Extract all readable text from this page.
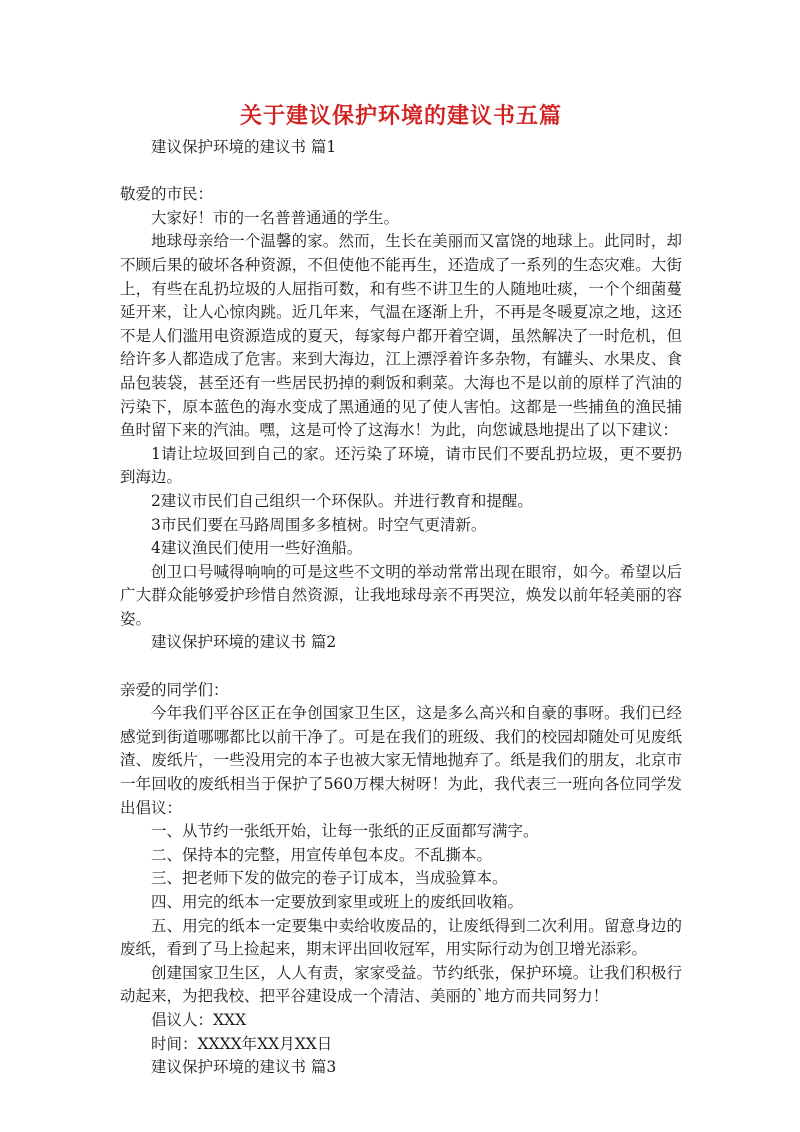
关于建议保护环境的建议书五篇

建议保护环境的建议书 篇1

敬爱的市民：

大家好！市的一名普普通通的学生。

地球母亲给一个温馨的家。然而，生长在美丽而又富饶的地球上。此同时，却不顾后果的破坏各种资源，不但使他不能再生，还造成了一系列的生态灾难。大街上，有些在乱扔垃圾的人屈指可数，和有些不讲卫生的人随地吐痰，一个个细菌蔓延开来，让人心惊肉跳。近几年来，气温在逐渐上升，不再是冬暖夏凉之地，这还不是人们滥用电资源造成的夏天，每家每户都开着空调，虽然解决了一时危机，但给许多人都造成了危害。来到大海边，江上漂浮着许多杂物，有罐头、水果皮、食品包装袋，甚至还有一些居民扔掉的剩饭和剩菜。大海也不是以前的原样了汽油的污染下，原本蓝色的海水变成了黑通通的见了使人害怕。这都是一些捕鱼的渔民捕鱼时留下来的汽油。嘿，这是可怜了这海水！为此，向您诚恳地提出了以下建议：

1请让垃圾回到自己的家。还污染了环境，请市民们不要乱扔垃圾，更不要扔到海边。

2建议市民们自己组织一个环保队。并进行教育和提醒。

3市民们要在马路周围多多植树。时空气更清新。

4建议渔民们使用一些好渔船。

创卫口号喊得响响的可是这些不文明的举动常常出现在眼帘，如今。希望以后广大群众能够爱护珍惜自然资源，让我地球母亲不再哭泣，焕发以前年轻美丽的容姿。

建议保护环境的建议书 篇2

亲爱的同学们：

今年我们平谷区正在争创国家卫生区，这是多么高兴和自豪的事呀。我们已经感觉到街道哪哪都比以前干净了。可是在我们的班级、我们的校园却随处可见废纸渣、废纸片，一些没用完的本子也被大家无情地抛弃了。纸是我们的朋友，北京市一年回收的废纸相当于保护了560万棵大树呀！为此，我代表三一班向各位同学发出倡议：

一、从节约一张纸开始，让每一张纸的正反面都写满字。

二、保持本的完整，用宣传单包本皮。不乱撕本。

三、把老师下发的做完的卷子订成本，当成验算本。

四、用完的纸本一定要放到家里或班上的废纸回收箱。

五、用完的纸本一定要集中卖给收废品的，让废纸得到二次利用。留意身边的废纸，看到了马上捡起来，期末评出回收冠军，用实际行动为创卫增光添彩。

创建国家卫生区，人人有责，家家受益。节约纸张，保护环境。让我们积极行动起来，为把我校、把平谷建设成一个清洁、美丽的`地方而共同努力！

倡议人：XXX

时间：XXXX年XX月XX日

建议保护环境的建议书 篇3
